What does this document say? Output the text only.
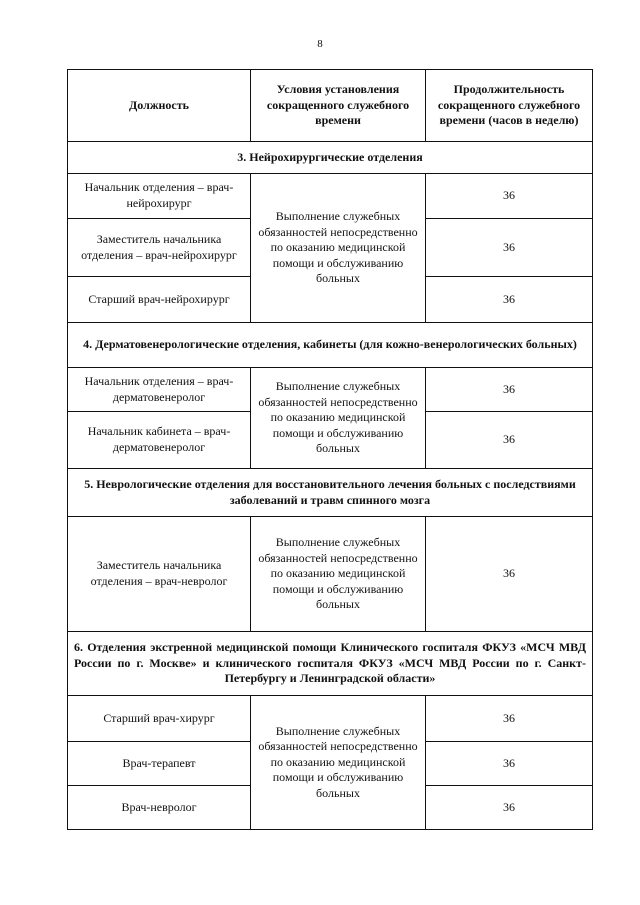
8
Должность	Условия установления сокращенного служебного времени	Продолжительность сокращенного служебного времени (часов в неделю)
3. Нейрохирургические отделения		
Начальник отделения – врач-нейрохирург	Выполнение служебных обязанностей непосредственно по оказанию медицинской помощи и обслуживанию больных	36
Заместитель начальника отделения – врач-нейрохирург		36
Старший врач-нейрохирург		36
4. Дерматовенерологические отделения, кабинеты (для кожно-венерологических больных)		
Начальник отделения – врач-дерматовенеролог	Выполнение служебных обязанностей непосредственно по оказанию медицинской помощи и обслуживанию больных	36
Начальник кабинета – врач-дерматовенеролог		36
5. Неврологические отделения для восстановительного лечения больных с последствиями заболеваний и травм спинного мозга		
Заместитель начальника отделения – врач-невролог	Выполнение служебных обязанностей непосредственно по оказанию медицинской помощи и обслуживанию больных	36
6. Отделения экстренной медицинской помощи Клинического госпиталя ФКУЗ «МСЧ МВД России по г. Москве» и клинического госпиталя ФКУЗ «МСЧ МВД России по г. Санкт-Петербургу и Ленинградской области»		
Старший врач-хирург	Выполнение служебных обязанностей непосредственно по оказанию медицинской помощи и обслуживанию больных	36
Врач-терапевт		36
Врач-невролог		36
